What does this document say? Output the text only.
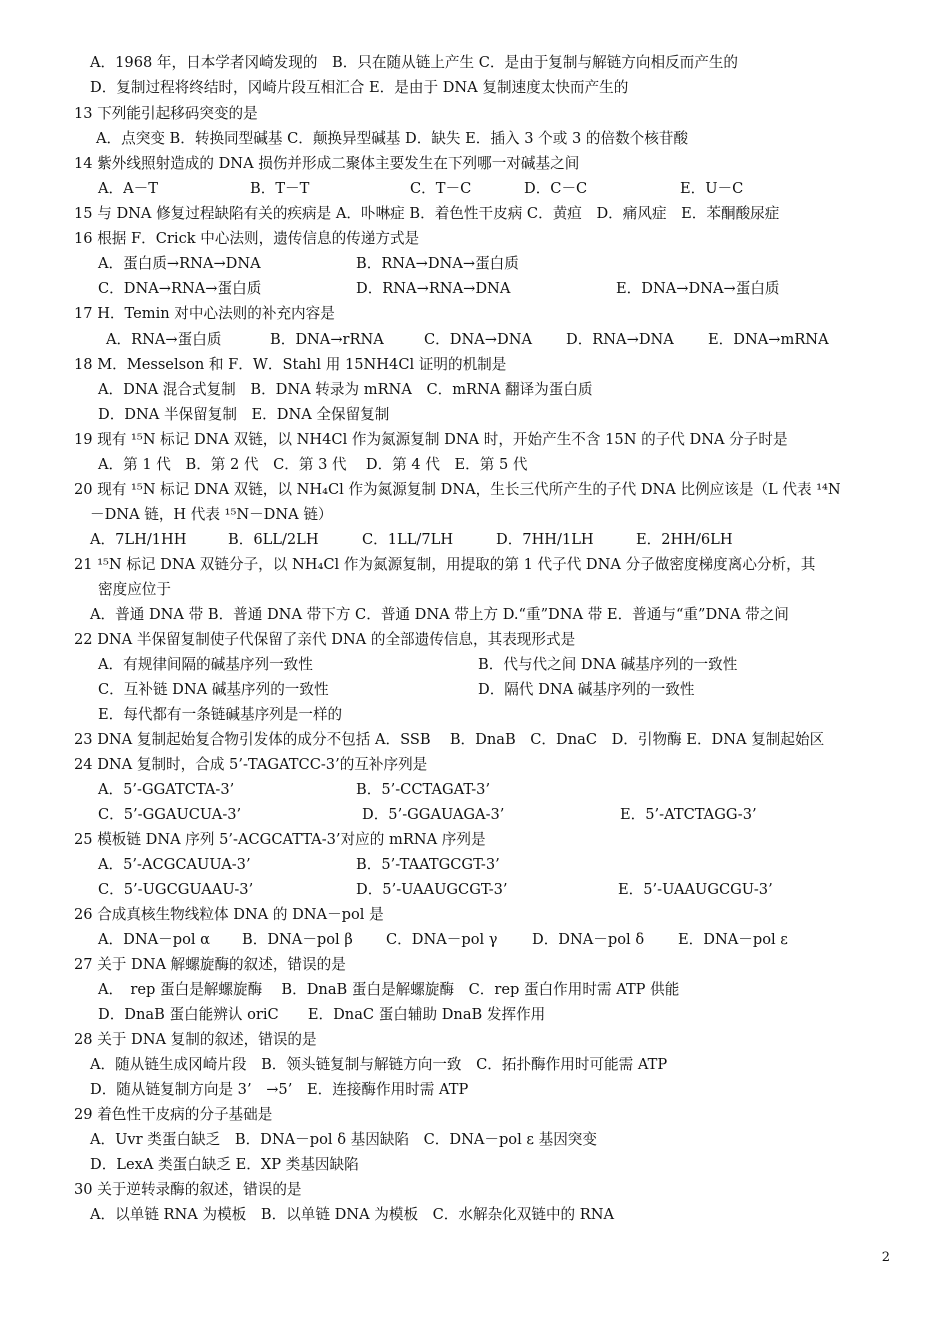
A．1968 年，日本学者冈崎发现的　B．只在随从链上产生 C．是由于复制与解链方向相反而产生的
D．复制过程将终结时，冈崎片段互相汇合 E．是由于 DNA 复制速度太快而产生的
13 下列能引起移码突变的是
A．点突变 B．转换同型碱基 C．颠换异型碱基 D．缺失 E．插入 3 个或 3 的倍数个核苷酸
14 紫外线照射造成的 DNA 损伤并形成二聚体主要发生在下列哪一对碱基之间
A．A－T	B．T－T	C．T－C	D．C－C	E．U－C
15 与 DNA 修复过程缺陷有关的疾病是 A．卟啉症 B．着色性干皮病 C．黄疸　D．痛风症　E．苯酮酸尿症
16 根据 F．Crick 中心法则，遗传信息的传递方式是
A．蛋白质→RNA→DNA	B．RNA→DNA→蛋白质
C．DNA→RNA→蛋白质	D．RNA→RNA→DNA	E．DNA→DNA→蛋白质
17 H．Temin 对中心法则的补充内容是
A．RNA→蛋白质	B．DNA→rRNA	C．DNA→DNA D．RNA→DNA E．DNA→mRNA
18 M．Messelson 和 F．W．Stahl 用 15NH4Cl 证明的机制是
A．DNA 混合式复制　B．DNA 转录为 mRNA　C．mRNA 翻译为蛋白质
D．DNA 半保留复制　E．DNA 全保留复制
19 现有 ¹⁵N 标记 DNA 双链，以 NH4Cl 作为氮源复制 DNA 时，开始产生不含 15N 的子代 DNA 分子时是
A．第 1 代　B．第 2 代　C．第 3 代　 D．第 4 代　E．第 5 代
20 现有 ¹⁵N 标记 DNA 双链，以 NH₄Cl 作为氮源复制 DNA，生长三代所产生的子代 DNA 比例应该是（L 代表 ¹⁴N
－DNA 链，H 代表 ¹⁵N－DNA 链）
A．7LH/1HH	B．6LL/2LH	C．1LL/7LH	D．7HH/1LH	E．2HH/6LH
21 ¹⁵N 标记 DNA 双链分子，以 NH₄Cl 作为氮源复制，用提取的第 1 代子代 DNA 分子做密度梯度离心分析，其
密度应位于
A．普通 DNA 带 B．普通 DNA 带下方 C．普通 DNA 带上方 D.“重”DNA 带 E．普通与“重”DNA 带之间
22 DNA 半保留复制使子代保留了亲代 DNA 的全部遗传信息，其表现形式是
A．有规律间隔的碱基序列一致性	B．代与代之间 DNA 碱基序列的一致性
C．互补链 DNA 碱基序列的一致性	D．隔代 DNA 碱基序列的一致性
E．每代都有一条链碱基序列是一样的
23 DNA 复制起始复合物引发体的成分不包括 A．SSB　 B．DnaB　C．DnaC　D．引物酶 E．DNA 复制起始区
24 DNA 复制时，合成 5’-TAGATCC-3’的互补序列是
A．5’-GGATCTA-3’	B．5’-CCTAGAT-3’
C．5’-GGAUCUA-3’	D．5’-GGAUAGA-3’	E．5’-ATCTAGG-3’
25 模板链 DNA 序列 5’-ACGCATTA-3’对应的 mRNA 序列是
A．5’-ACGCAUUA-3’	B．5’-TAATGCGT-3’
C．5’-UGCGUAAU-3’	D．5’-UAAUGCGT-3’	E．5’-UAAUGCGU-3’
26 合成真核生物线粒体 DNA 的 DNA－pol 是
A．DNA－pol α B．DNA－pol β C．DNA－pol γ D．DNA－pol δ E．DNA－pol ε
27 关于 DNA 解螺旋酶的叙述，错误的是
A．　rep 蛋白是解螺旋酶　 B．DnaB 蛋白是解螺旋酶　C．rep 蛋白作用时需 ATP 供能
D．DnaB 蛋白能辨认 oriC　　E．DnaC 蛋白辅助 DnaB 发挥作用
28 关于 DNA 复制的叙述，错误的是
A．随从链生成冈崎片段　B．领头链复制与解链方向一致　C．拓扑酶作用时可能需 ATP
D．随从链复制方向是 3’　→5’　E．连接酶作用时需 ATP
29 着色性干皮病的分子基础是
A．Uvr 类蛋白缺乏　B．DNA－pol δ 基因缺陷　C．DNA－pol ε 基因突变
D．LexA 类蛋白缺乏 E．XP 类基因缺陷
30 关于逆转录酶的叙述，错误的是
A．以单链 RNA 为模板　B．以单链 DNA 为模板　C．水解杂化双链中的 RNA
2
